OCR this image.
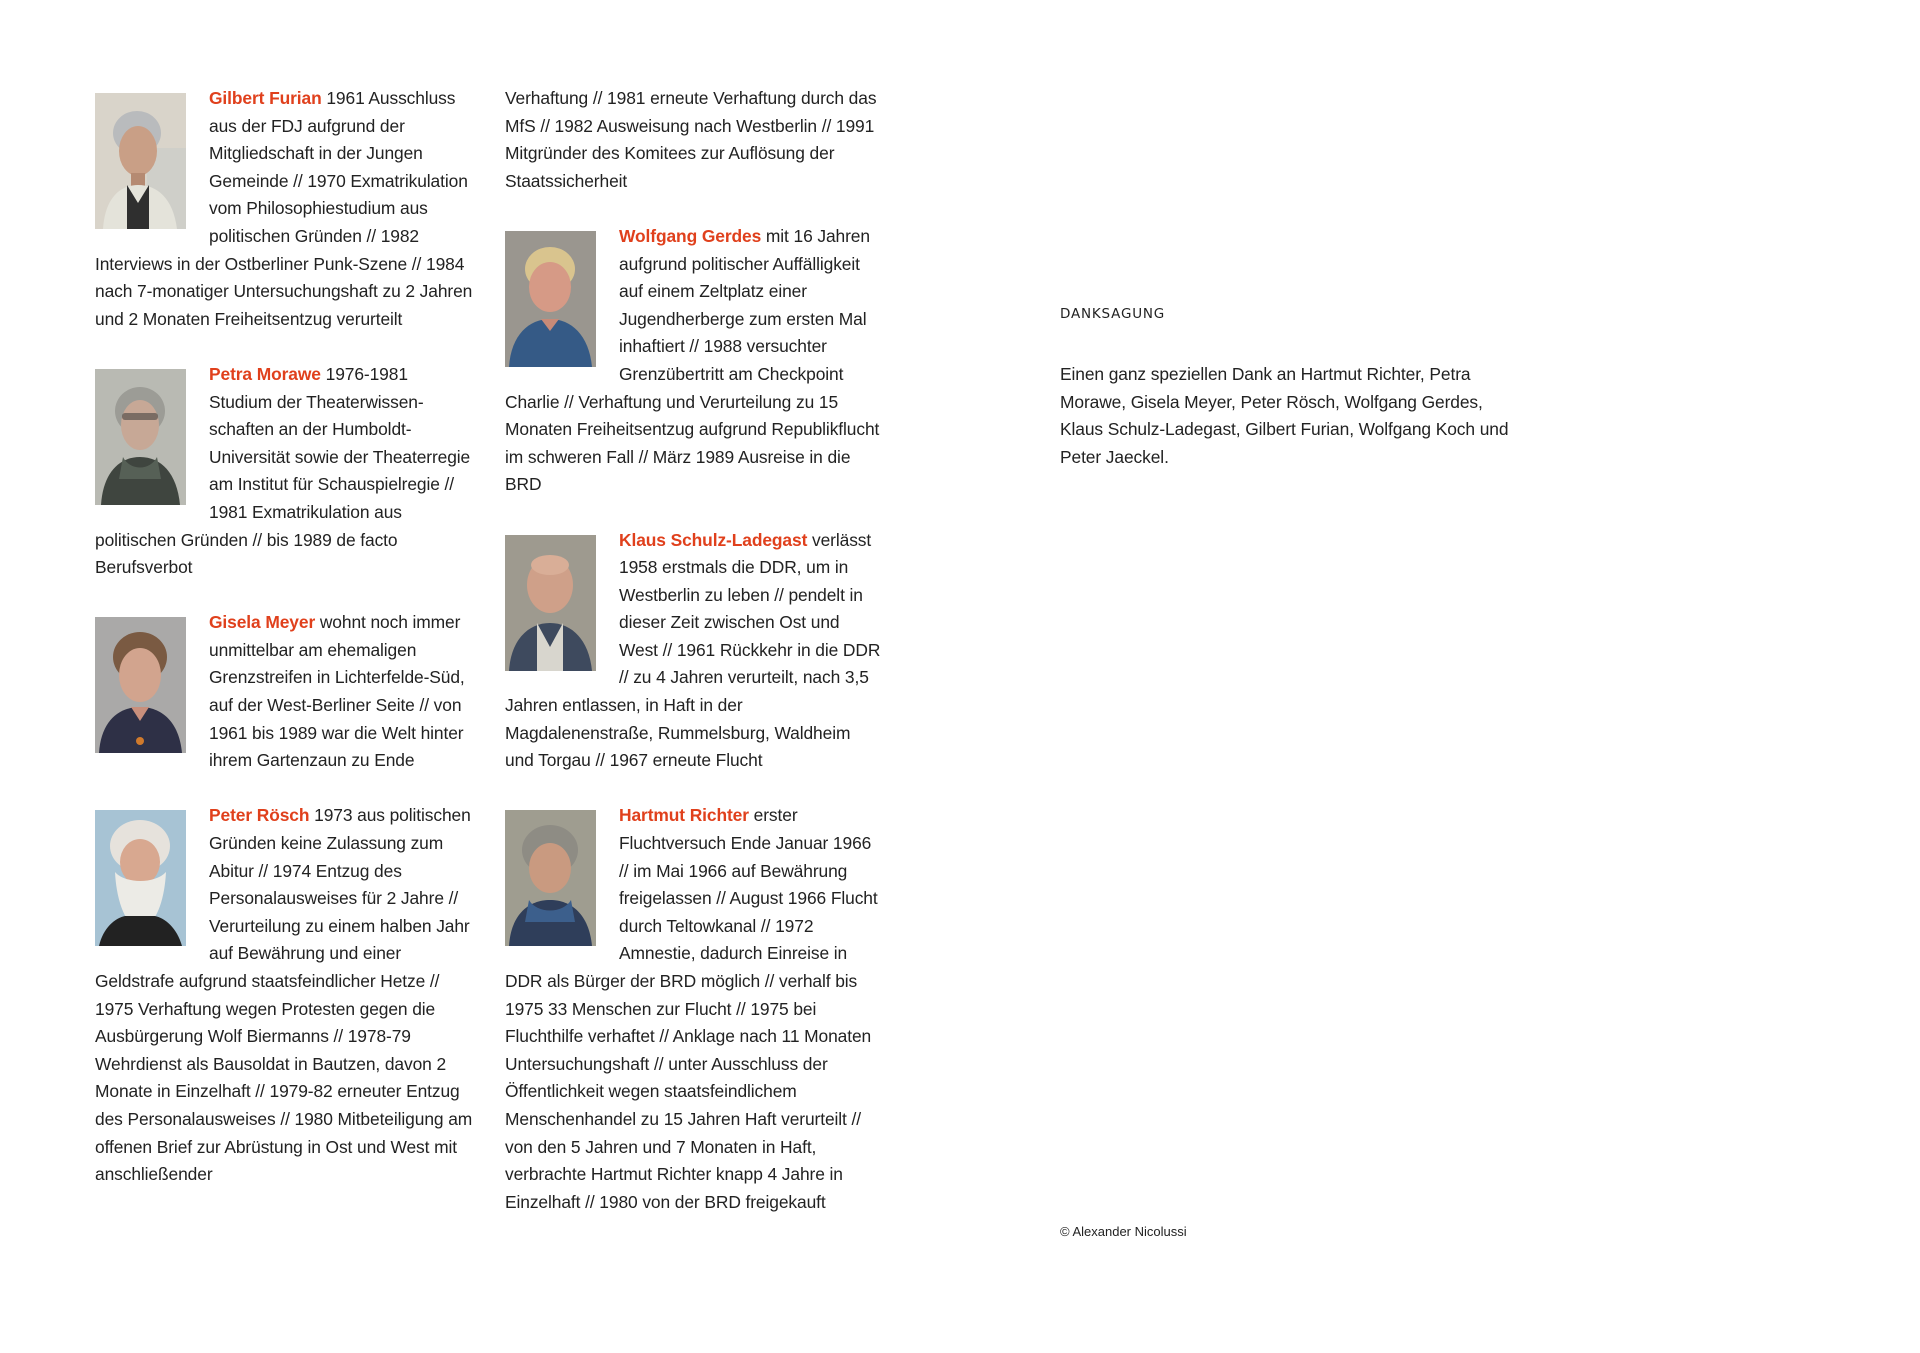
Gilbert Furian 1961 Ausschluss aus der FDJ aufgrund der Mitgliedschaft in der Jungen Gemeinde // 1970 Exmatrikulation vom Philosophiestudium aus politischen Gründen // 1982 Interviews in der Ostberliner Punk-Szene // 1984 nach 7-monatiger Untersuchungshaft zu 2 Jahren und 2 Monaten Freiheitsentzug verurteilt
Petra Morawe 1976-1981 Studium der Theaterwissenschaften an der Humboldt-Universität sowie der Theaterregie am Institut für Schauspielregie // 1981 Exmatrikulation aus politischen Gründen // bis 1989 de facto Berufsverbot
Gisela Meyer wohnt noch immer unmittelbar am ehemaligen Grenzstreifen in Lichterfelde-Süd, auf der West-Berliner Seite // von 1961 bis 1989 war die Welt hinter ihrem Gartenzaun zu Ende
Peter Rösch 1973 aus politischen Gründen keine Zulassung zum Abitur // 1974 Entzug des Personalausweises für 2 Jahre // Verurteilung zu einem halben Jahr auf Bewährung und einer Geldstrafe aufgrund staatsfeindlicher Hetze // 1975 Verhaftung wegen Protesten gegen die Ausbürgerung Wolf Biermanns // 1978-79 Wehrdienst als Bausoldat in Bautzen, davon 2 Monate in Einzelhaft // 1979-82 erneuter Entzug des Personalausweises // 1980 Mitbeteiligung am offenen Brief zur Abrüstung in Ost und West mit anschließender
Verhaftung // 1981 erneute Verhaftung durch das MfS // 1982 Ausweisung nach Westberlin // 1991 Mitgründer des Komitees zur Auflösung der Staatssicherheit
Wolfgang Gerdes mit 16 Jahren aufgrund politischer Auffälligkeit auf einem Zeltplatz einer Jugendherberge zum ersten Mal inhaftiert // 1988 versuchter Grenzübertritt am Checkpoint Charlie // Verhaftung und Verurteilung zu 15 Monaten Freiheitsentzug aufgrund Republikflucht im schweren Fall // März 1989 Ausreise in die BRD
Klaus Schulz-Ladegast verlässt 1958 erstmals die DDR, um in Westberlin zu leben // pendelt in dieser Zeit zwischen Ost und West // 1961 Rückkehr in die DDR // zu 4 Jahren verurteilt, nach 3,5 Jahren entlassen, in Haft in der Magdalenenstraße, Rummelsburg, Waldheim und Torgau // 1967 erneute Flucht
Hartmut Richter erster Fluchtversuch Ende Januar 1966 // im Mai 1966 auf Bewährung freigelassen // August 1966 Flucht durch Teltowkanal // 1972 Amnestie, dadurch Einreise in DDR als Bürger der BRD möglich // verhalf bis 1975 33 Menschen zur Flucht // 1975 bei Fluchthilfe verhaftet // Anklage nach 11 Monaten Untersuchungshaft // unter Ausschluss der Öffentlichkeit wegen staatsfeindlichem Menschenhandel zu 15 Jahren Haft verurteilt // von den 5 Jahren und 7 Monaten in Haft, verbrachte Hartmut Richter knapp 4 Jahre in Einzelhaft // 1980 von der BRD freigekauft
DANKSAGUNG

Einen ganz speziellen Dank an Hartmut Richter, Petra Morawe, Gisela Meyer, Peter Rösch, Wolfgang Gerdes, Klaus Schulz-Ladegast, Gilbert Furian, Wolfgang Koch und Peter Jaeckel.

© Alexander Nicolussi
